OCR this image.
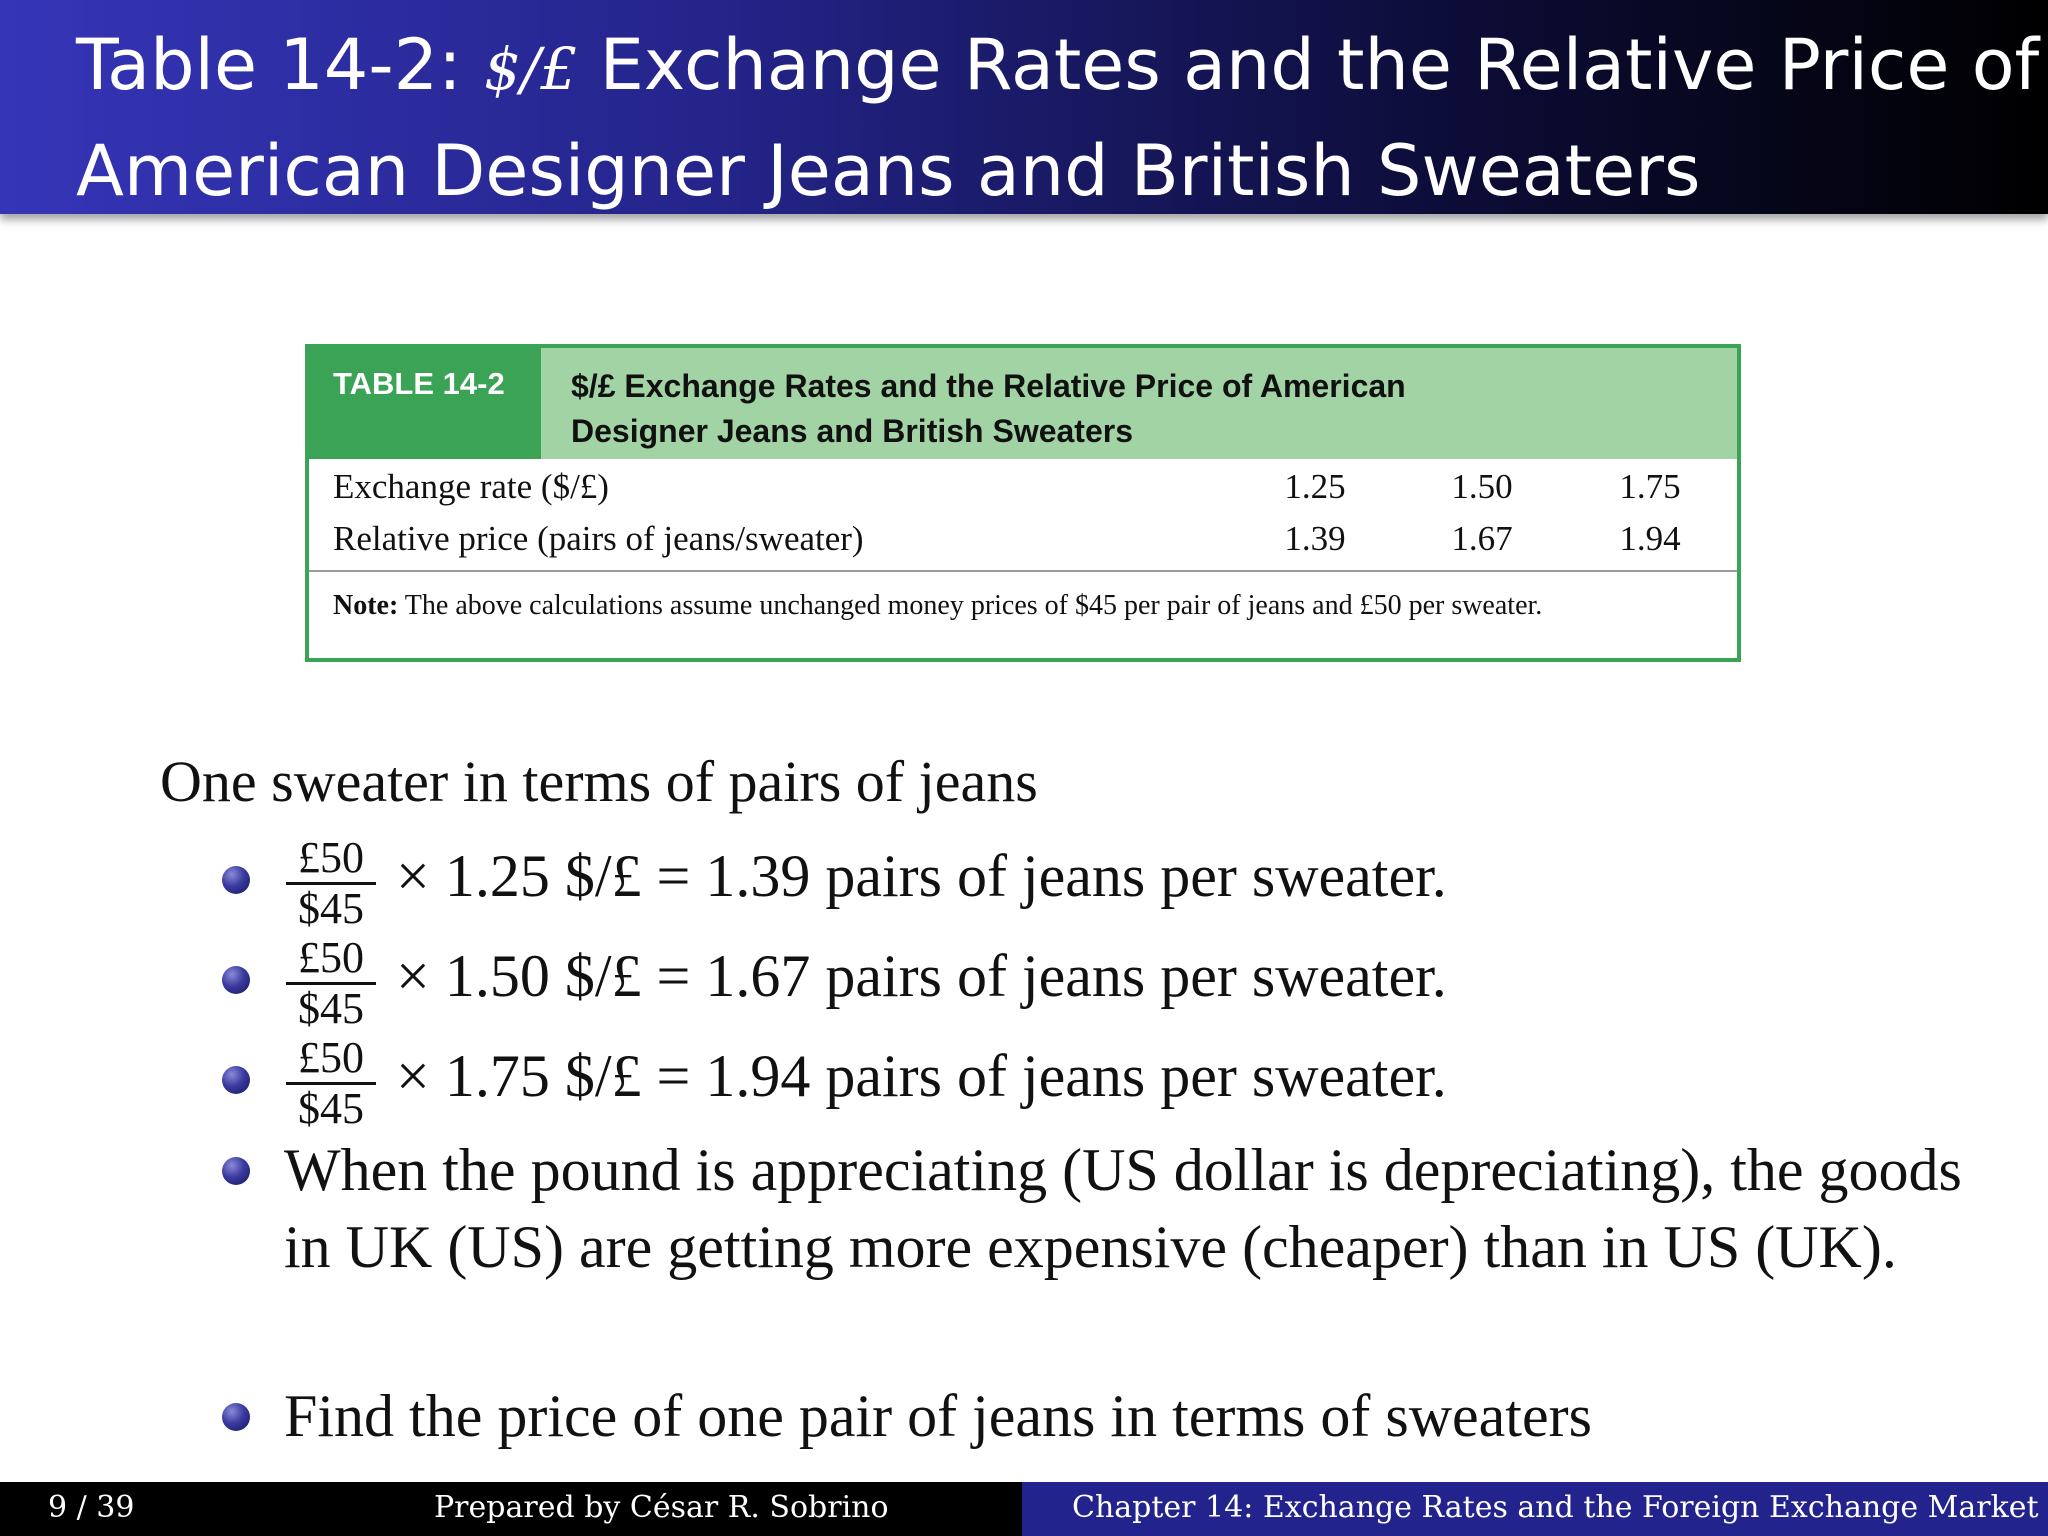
Table 14-2: $/£ Exchange Rates and the Relative Price of
American Designer Jeans and British Sweaters
TABLE 14-2	$/£ Exchange Rates and the Relative Price of American
Designer Jeans and British Sweaters
Exchange rate ($/£)	1.25	1.50	1.75
Relative price (pairs of jeans/sweater)	1.39	1.67	1.94
Note: The above calculations assume unchanged money prices of $45 per pair of jeans and £50 per sweater.
One sweater in terms of pairs of jeans
$\frac{£50}{\$45} \times 1.25$ $/£ = 1.39 pairs of jeans per sweater.
$\frac{£50}{\$45} \times 1.50$ $/£ = 1.67 pairs of jeans per sweater.
$\frac{£50}{\$45} \times 1.75$ $/£ = 1.94 pairs of jeans per sweater.
When the pound is appreciating (US dollar is depreciating), the goods in UK (US) are getting more expensive (cheaper) than in US (UK).
Find the price of one pair of jeans in terms of sweaters
9 / 39	Prepared by César R. Sobrino	Chapter 14: Exchange Rates and the Foreign Exchange Market
